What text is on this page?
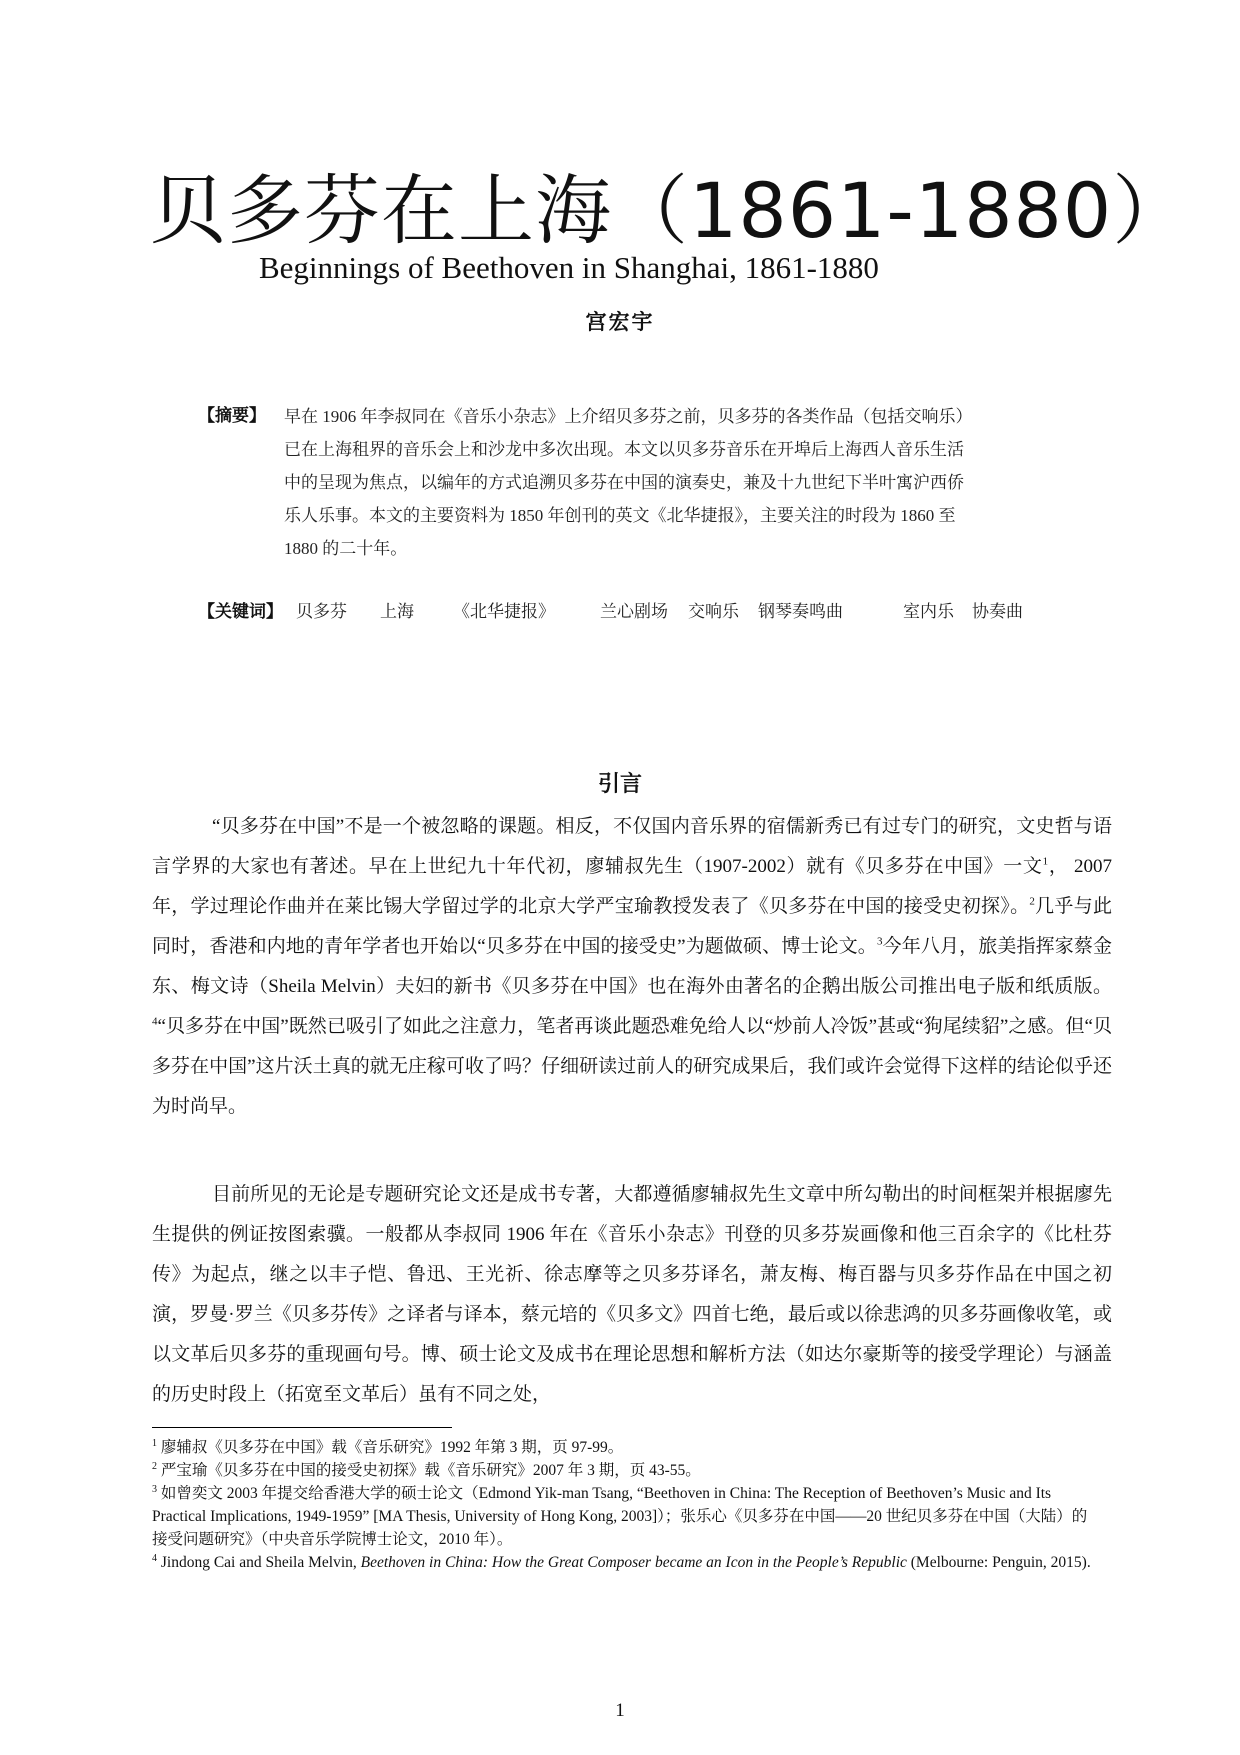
贝多芬在上海（1861-1880）
Beginnings of Beethoven in Shanghai, 1861-1880
宫宏宇
【摘要】 早在 1906 年李叔同在《音乐小杂志》上介绍贝多芬之前，贝多芬的各类作品（包括交响乐）
已在上海租界的音乐会上和沙龙中多次出现。本文以贝多芬音乐在开埠后上海西人音乐生活
中的呈现为焦点，以编年的方式追溯贝多芬在中国的演奏史，兼及十九世纪下半叶寓沪西侨
乐人乐事。本文的主要资料为 1850 年创刊的英文《北华捷报》，主要关注的时段为 1860 至
1880 的二十年。
【关键词】 贝多芬 上海 《北华捷报》	兰心剧场 交响乐 钢琴奏鸣曲	室内乐 协奏曲
引言
“贝多芬在中国”不是一个被忽略的课题。相反，不仅国内音乐界的宿儒新秀已有过专门的研究，文史哲与语言学界的大家也有著述。早在上世纪九十年代初，廖辅叔先生（1907-2002）就有《贝多芬在中国》一文$^1$， 2007 年，学过理论作曲并在莱比锡大学留过学的北京大学严宝瑜教授发表了《贝多芬在中国的接受史初探》。$^2$几乎与此同时，香港和内地的青年学者也开始以“贝多芬在中国的接受史”为题做硕、博士论文。$^3$今年八月，旅美指挥家蔡金东、梅文诗（Sheila Melvin）夫妇的新书《贝多芬在中国》也在海外由著名的企鹅出版公司推出电子版和纸质版。$^4$“贝多芬在中国”既然已吸引了如此之注意力，笔者再谈此题恐难免给人以“炒前人冷饭”甚或“狗尾续貂”之感。但“贝多芬在中国”这片沃土真的就无庄稼可收了吗？仔细研读过前人的研究成果后，我们或许会觉得下这样的结论似乎还为时尚早。
目前所见的无论是专题研究论文还是成书专著，大都遵循廖辅叔先生文章中所勾勒出的时间框架并根据廖先生提供的例证按图索骥。一般都从李叔同 1906 年在《音乐小杂志》刊登的贝多芬炭画像和他三百余字的《比杜芬传》为起点，继之以丰子恺、鲁迅、王光祈、徐志摩等之贝多芬译名，萧友梅、梅百器与贝多芬作品在中国之初演，罗曼·罗兰《贝多芬传》之译者与译本，蔡元培的《贝多文》四首七绝，最后或以徐悲鸿的贝多芬画像收笔，或以文革后贝多芬的重现画句号。博、硕士论文及成书在理论思想和解析方法（如达尔豪斯等的接受学理论）与涵盖的历史时段上（拓宽至文革后）虽有不同之处，

$^1$ 廖辅叔《贝多芬在中国》载《音乐研究》1992 年第 3 期，页 97-99。

$^2$ 严宝瑜《贝多芬在中国的接受史初探》载《音乐研究》2007 年 3 期，页 43-55。

$^3$ 如曾奕文 2003 年提交给香港大学的硕士论文（Edmond Yik-man Tsang, “Beethoven in China: The Reception of Beethoven’s Music and Its Practical Implications, 1949-1959” [MA Thesis, University of Hong Kong, 2003]）；张乐心《贝多芬在中国——20 世纪贝多芬在中国（大陆）的接受问题研究》（中央音乐学院博士论文，2010 年）。

$^4$ Jindong Cai and Sheila Melvin, Beethoven in China: How the Great Composer became an Icon in the People’s Republic (Melbourne: Penguin, 2015).

1
